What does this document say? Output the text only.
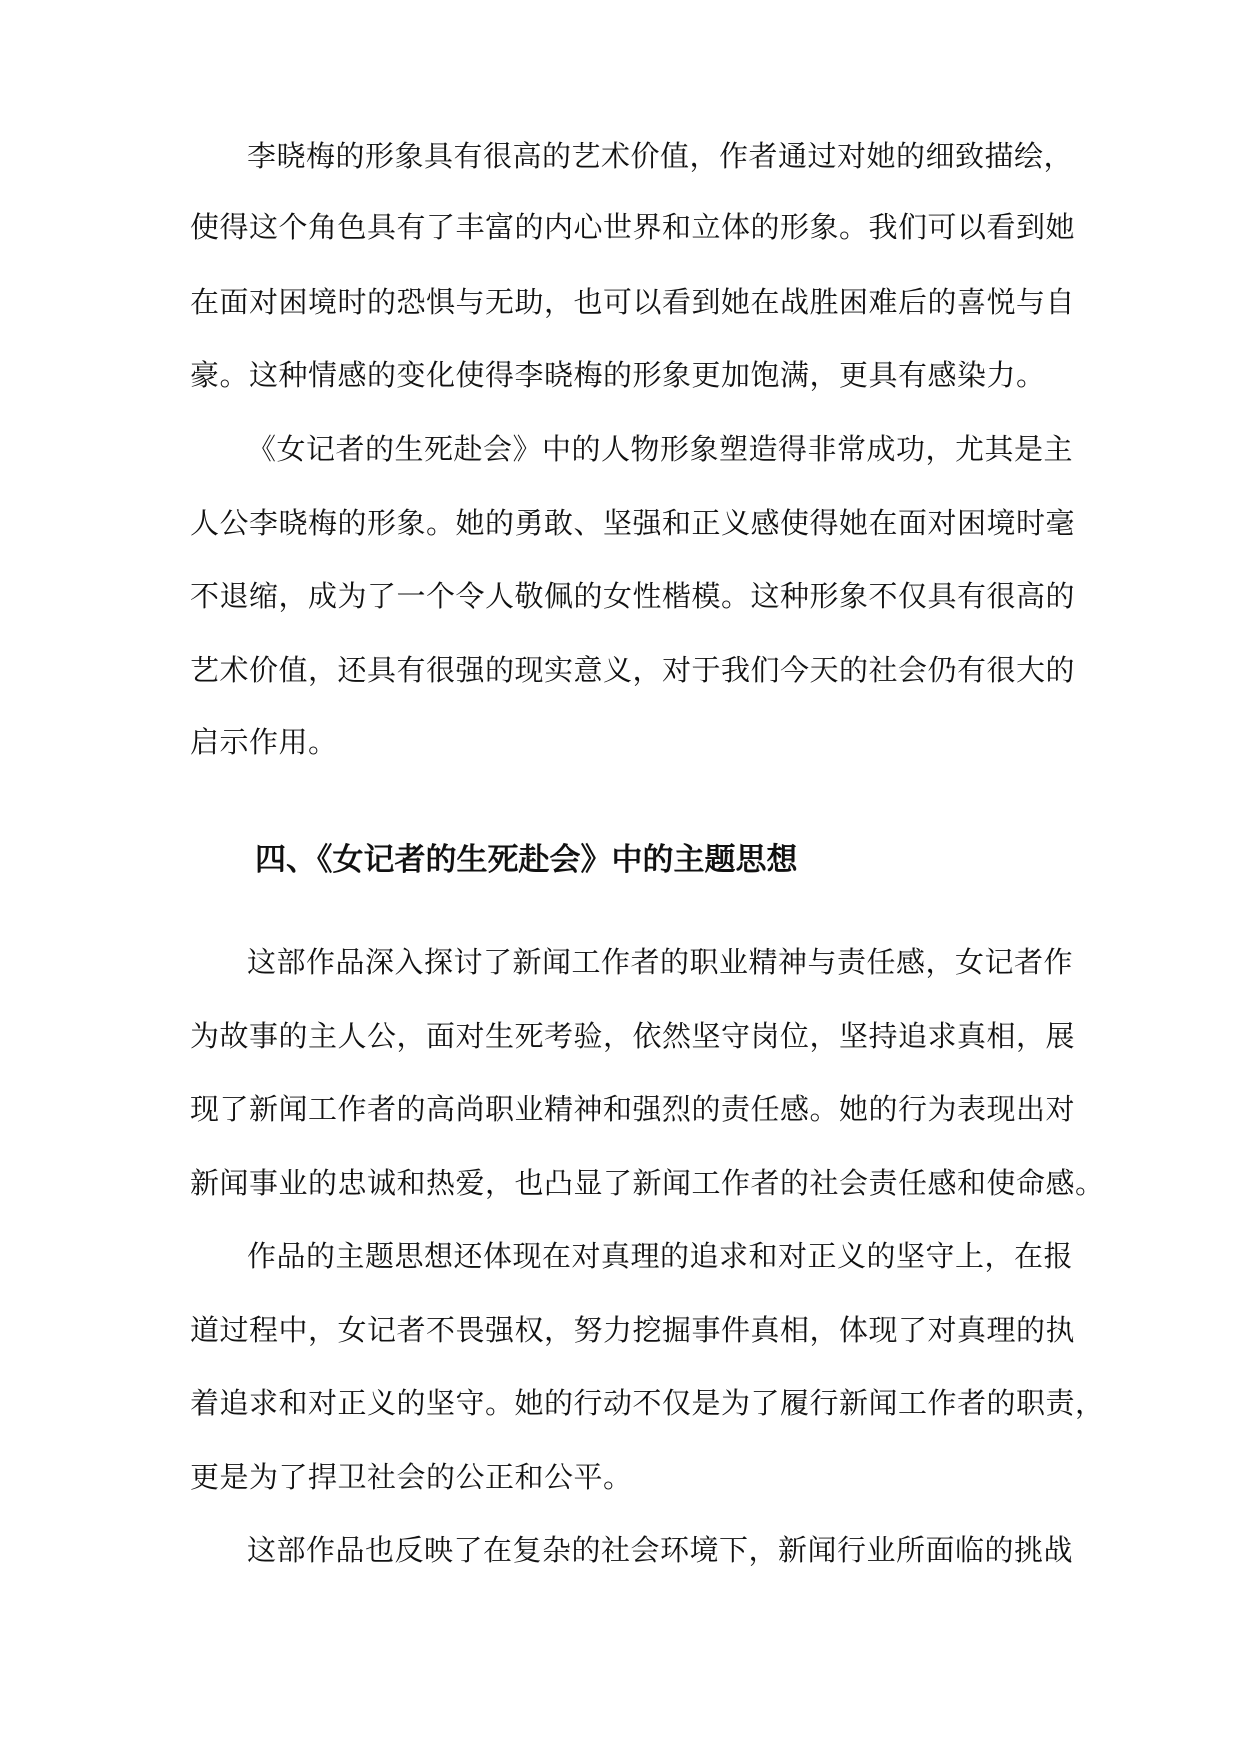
李晓梅的形象具有很高的艺术价值，作者通过对她的细致描绘，
使得这个角色具有了丰富的内心世界和立体的形象。我们可以看到她
在面对困境时的恐惧与无助，也可以看到她在战胜困难后的喜悦与自
豪。这种情感的变化使得李晓梅的形象更加饱满，更具有感染力。
《女记者的生死赴会》中的人物形象塑造得非常成功，尤其是主
人公李晓梅的形象。她的勇敢、坚强和正义感使得她在面对困境时毫
不退缩，成为了一个令人敬佩的女性楷模。这种形象不仅具有很高的
艺术价值，还具有很强的现实意义，对于我们今天的社会仍有很大的
启示作用。
四、《女记者的生死赴会》中的主题思想
这部作品深入探讨了新闻工作者的职业精神与责任感，女记者作
为故事的主人公，面对生死考验，依然坚守岗位，坚持追求真相，展
现了新闻工作者的高尚职业精神和强烈的责任感。她的行为表现出对
新闻事业的忠诚和热爱，也凸显了新闻工作者的社会责任感和使命感。
作品的主题思想还体现在对真理的追求和对正义的坚守上，在报
道过程中，女记者不畏强权，努力挖掘事件真相，体现了对真理的执
着追求和对正义的坚守。她的行动不仅是为了履行新闻工作者的职责，
更是为了捍卫社会的公正和公平。
这部作品也反映了在复杂的社会环境下，新闻行业所面临的挑战
